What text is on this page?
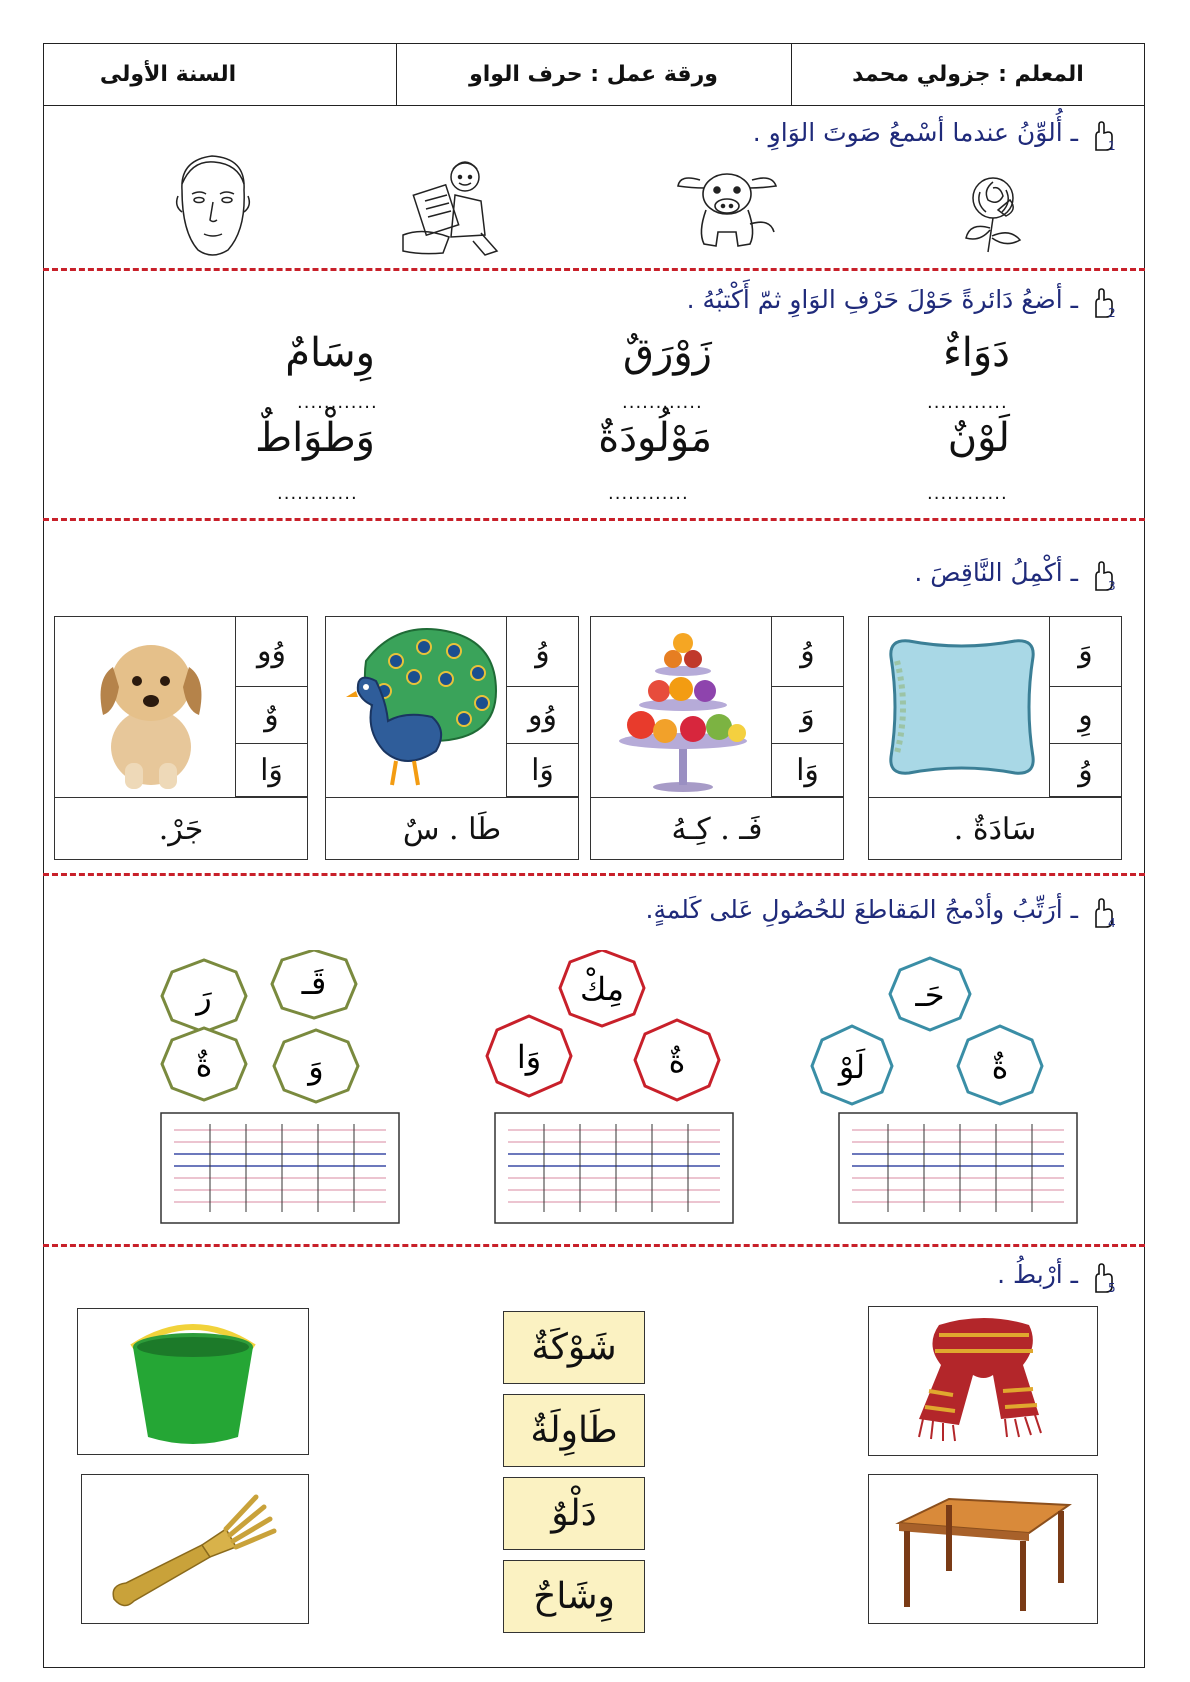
المعلم : جزولي محمد
ورقة عمل : حرف الواو
السنة الأولى
1
ـ أُلوِّنُ عندما أسْمعُ صَوتَ الوَاوِ .
2
ـ أضعُ دَائرةً حَوْلَ حَرْفِ الوَاوِ ثمّ أَكْتبُهُ .
دَوَاءٌ
زَوْرَقٌ
وِسَامٌ
............
............
............
لَوْنٌ
مَوْلُودَةٌ
وَطْوَاطٌ
............
............
............
3
ـ أكْمِلُ النَّاقِصَ .
وَ
وِ
وُ
سَادَةٌ .
وُ
وَ
وَا
فَـ . كِـهُ
وُ
وُو
وَا
طَا . سٌ
وُو
وٌ
وَا
جَرْ.
4
ـ أرَتِّبُ وأدْمجُ المَقاطعَ للحُصُولِ عَلى كَلمةٍ.
حَـ
لَوْ	ةٌ
مِكْ
وَا	ةٌ
قَـ
رَ
ةٌ	وَ
5
ـ أرْبطُ .
شَوْكَةٌ
طَاوِلَةٌ
دَلْوٌ
وِشَاحٌ
